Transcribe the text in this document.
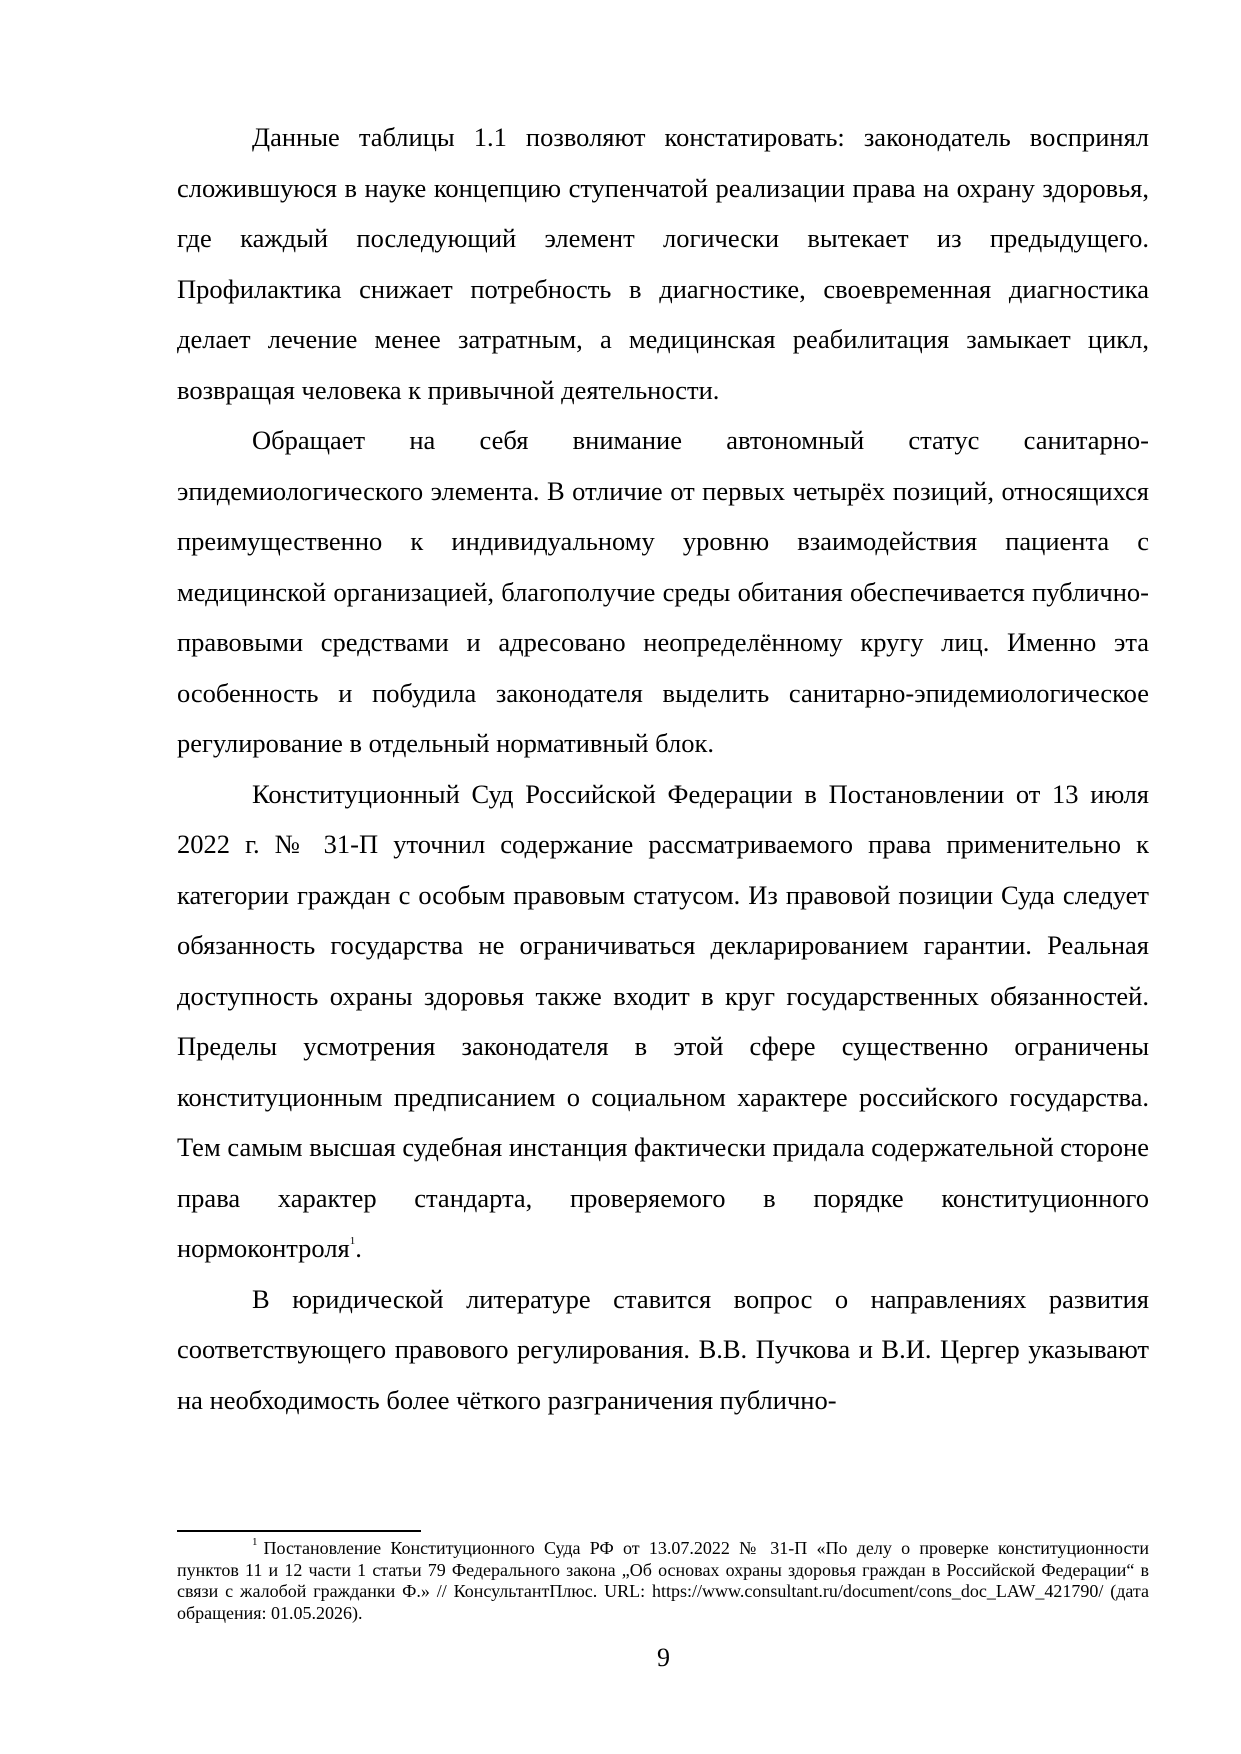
Данные таблицы 1.1 позволяют констатировать: законодатель воспринял сложившуюся в науке концепцию ступенчатой реализации права на охрану здоровья, где каждый последующий элемент логически вытекает из предыдущего. Профилактика снижает потребность в диагностике, своевременная диагностика делает лечение менее затратным, а медицинская реабилитация замыкает цикл, возвращая человека к привычной деятельности.

Обращает на себя внимание автономный статус санитарно-эпидемиологического элемента. В отличие от первых четырёх позиций, относящихся преимущественно к индивидуальному уровню взаимодействия пациента с медицинской организацией, благополучие среды обитания обеспечивается публично-правовыми средствами и адресовано неопределённому кругу лиц. Именно эта особенность и побудила законодателя выделить санитарно-эпидемиологическое регулирование в отдельный нормативный блок.

Конституционный Суд Российской Федерации в Постановлении от 13 июля 2022 г. № 31-П уточнил содержание рассматриваемого права применительно к категории граждан с особым правовым статусом. Из правовой позиции Суда следует обязанность государства не ограничиваться декларированием гарантии. Реальная доступность охраны здоровья также входит в круг государственных обязанностей. Пределы усмотрения законодателя в этой сфере существенно ограничены конституционным предписанием о социальном характере российского государства. Тем самым высшая судебная инстанция фактически придала содержательной стороне права характер стандарта, проверяемого в порядке конституционного нормоконтроля$^1$.

В юридической литературе ставится вопрос о направлениях развития соответствующего правового регулирования. В.В. Пучкова и В.И. Цергер указывают на необходимость более чёткого разграничения публично-

$^1$ Постановление Конституционного Суда РФ от 13.07.2022 № 31-П «По делу о проверке конституционности пунктов 11 и 12 части 1 статьи 79 Федерального закона „Об основах охраны здоровья граждан в Российской Федерации“ в связи с жалобой гражданки Ф.» // КонсультантПлюс. URL: https://www.consultant.ru/document/cons_doc_LAW_421790/ (дата обращения: 01.05.2026).

9
